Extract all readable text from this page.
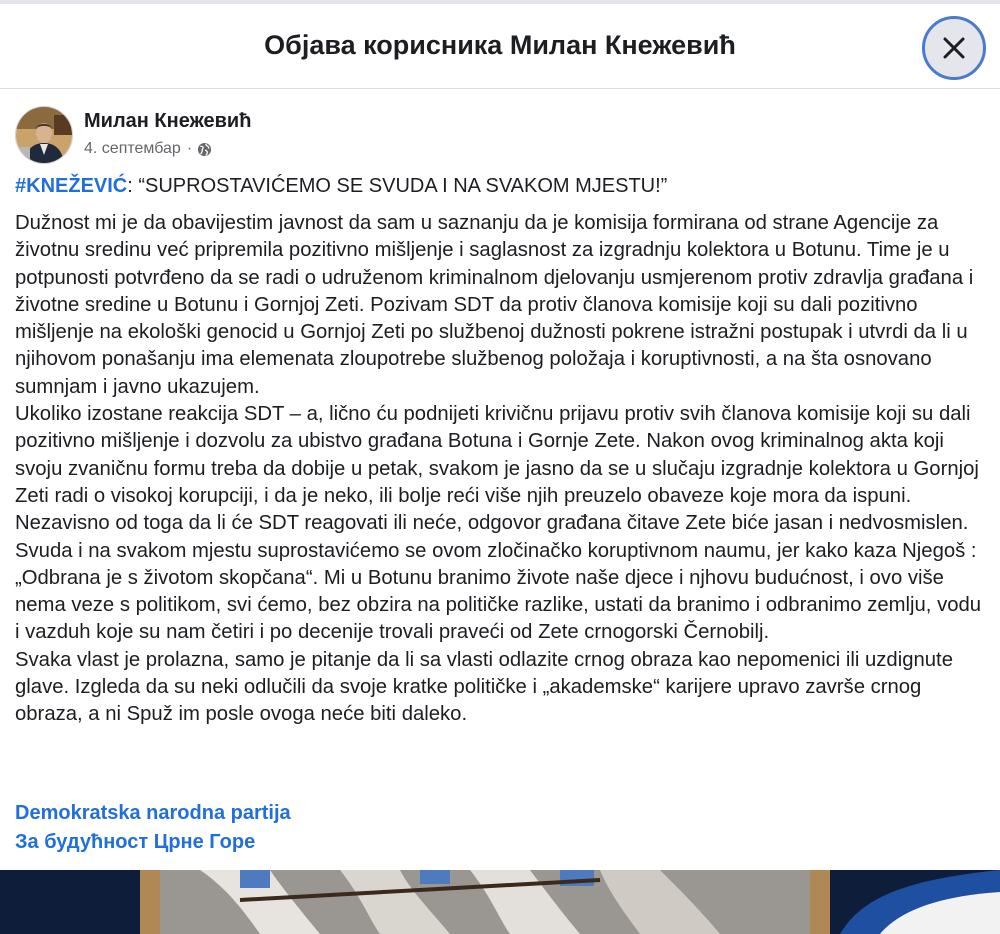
Објава корисника Милан Кнежевић
Милан Кнежевић
4. септембар ·
#KNEŽEVIĆ: “SUPROSTAVIĆEMO SE SVUDA I NA SVAKOM MJESTU!”

Dužnost mi je da obavijestim javnost da sam u saznanju da je komisija formirana od strane Agencije za životnu sredinu već pripremila pozitivno mišljenje i saglasnost za izgradnju kolektora u Botunu. Time je u potpunosti potvrđeno da se radi o udruženom kriminalnom djelovanju usmjerenom protiv zdravlja građana i životne sredine u Botunu i Gornjoj Zeti. Pozivam SDT da protiv članova komisije koji su dali pozitivno mišljenje na ekološki genocid u Gornjoj Zeti po službenoj dužnosti pokrene istražni postupak i utvrdi da li u njihovom ponašanju ima elemenata zloupotrebe službenog položaja i koruptivnosti, a na šta osnovano sumnjam i javno ukazujem.

Ukoliko izostane reakcija SDT – a, lično ću podnijeti krivičnu prijavu protiv svih članova komisije koji su dali pozitivno mišljenje i dozvolu za ubistvo građana Botuna i Gornje Zete. Nakon ovog kriminalnog akta koji svoju zvaničnu formu treba da dobije u petak, svakom je jasno da se u slučaju izgradnje kolektora u Gornjoj Zeti radi o visokoj korupciji, i da je neko, ili bolje reći više njih preuzelo obaveze koje mora da ispuni. Nezavisno od toga da li će SDT reagovati ili neće, odgovor građana čitave Zete biće jasan i nedvosmislen. Svuda i na svakom mjestu suprostavićemo se ovom zločinačko koruptivnom naumu, jer kako kaza Njegoš : „Odbrana je s životom skopčana“. Mi u Botunu branimo živote naše djece i njhovu budućnost, i ovo više nema veze s politikom, svi ćemo, bez obzira na političke razlike, ustati da branimo i odbranimo zemlju, vodu i vazduh koje su nam četiri i po decenije trovali praveći od Zete crnogorski Černobilj.

Svaka vlast je prolazna, samo je pitanje da li sa vlasti odlazite crnog obraza kao nepomenici ili uzdignute glave. Izgleda da su neki odlučili da svoje kratke političke i „akademske“ karijere upravo završe crnog obraza, a ni Spuž im posle ovoga neće biti daleko.

Demokratska narodna partija
За будућност Црне Горе
